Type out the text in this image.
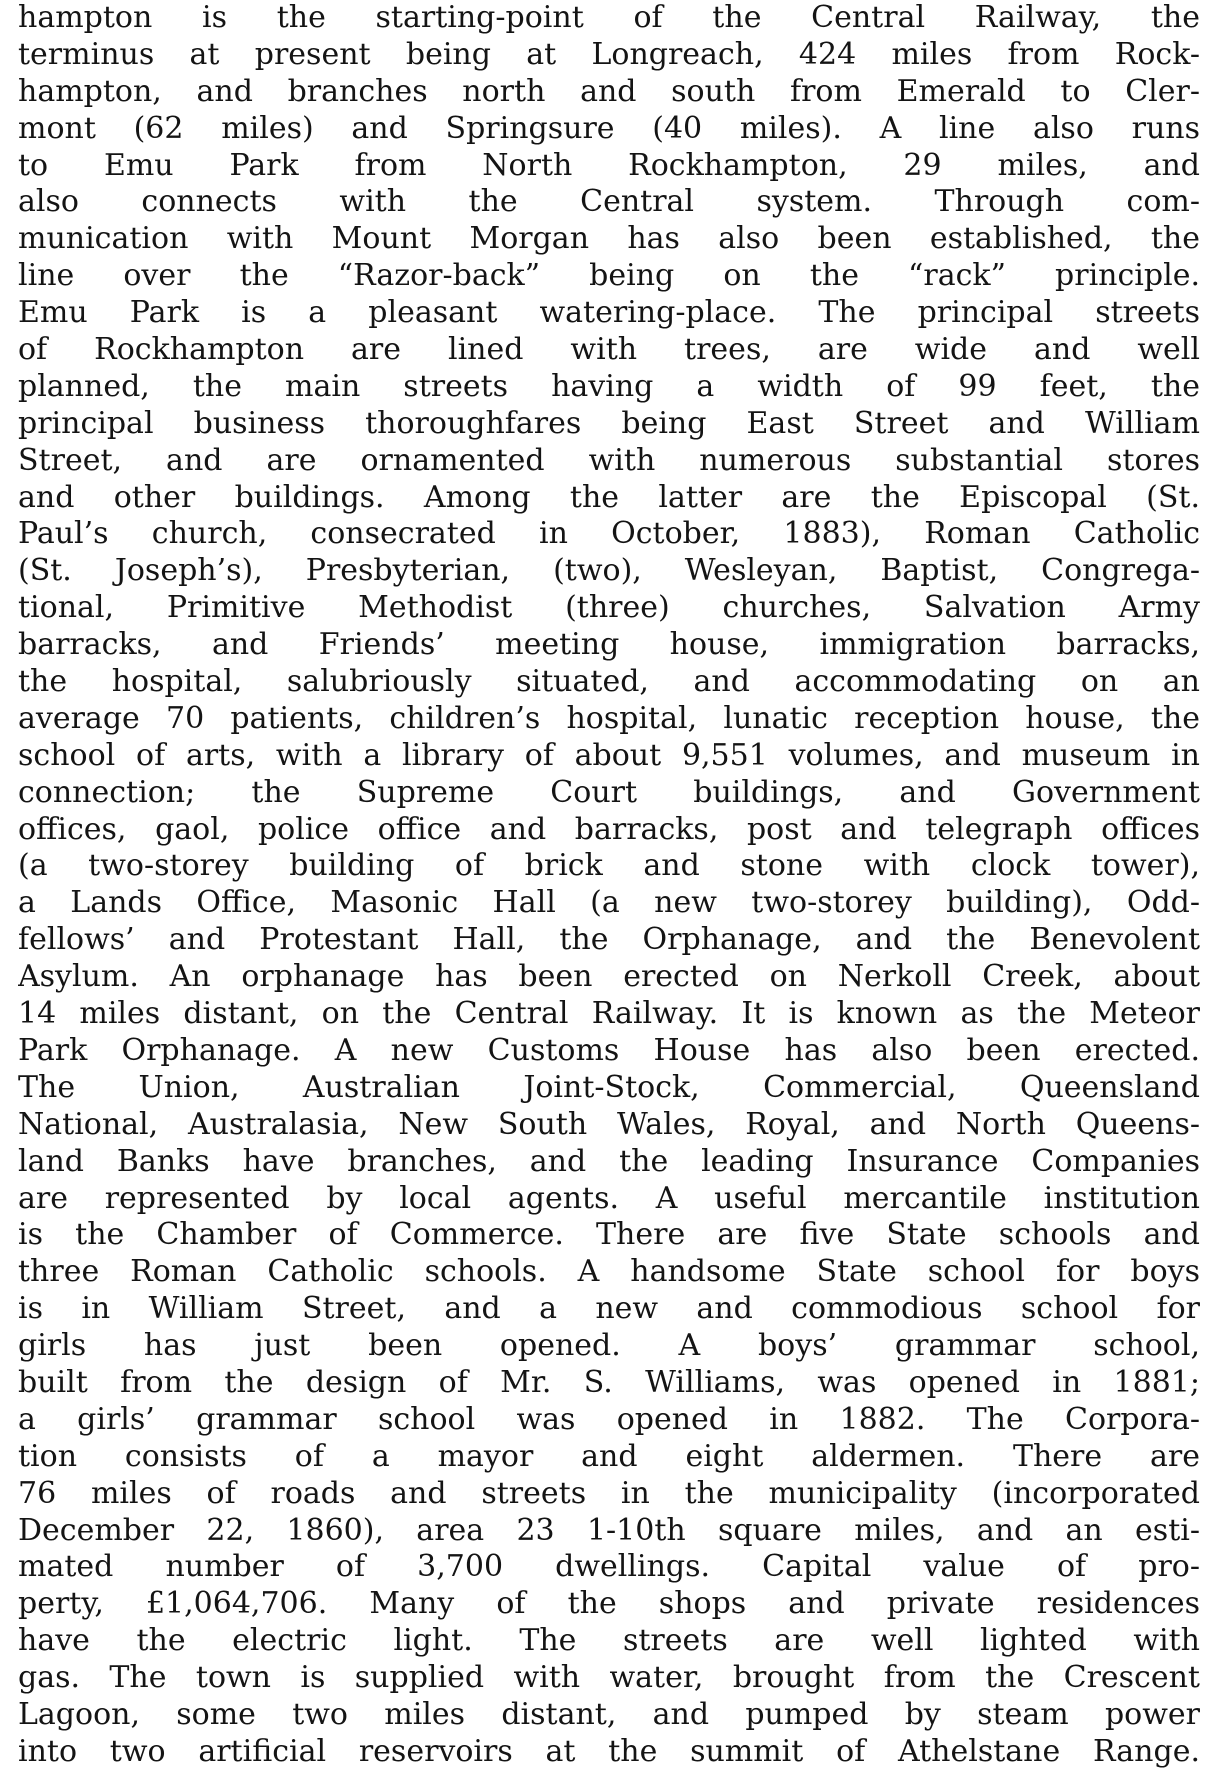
hampton is the starting-point of the Central Railway, the
terminus at present being at Longreach, 424 miles from Rock-
hampton, and branches north and south from Emerald to Cler-
mont (62 miles) and Springsure (40 miles). A line also runs
to Emu Park from North Rockhampton, 29 miles, and
also connects with the Central system. Through com-
munication with Mount Morgan has also been established, the
line over the “Razor-back” being on the “rack” principle.
Emu Park is a pleasant watering-place. The principal streets
of Rockhampton are lined with trees, are wide and well
planned, the main streets having a width of 99 feet, the
principal business thoroughfares being East Street and William
Street, and are ornamented with numerous substantial stores
and other buildings. Among the latter are the Episcopal (St.
Paul’s church, consecrated in October, 1883), Roman Catholic
(St. Joseph’s), Presbyterian, (two), Wesleyan, Baptist, Congrega-
tional, Primitive Methodist (three) churches, Salvation Army
barracks, and Friends’ meeting house, immigration barracks,
the hospital, salubriously situated, and accommodating on an
average 70 patients, children’s hospital, lunatic reception house, the
school of arts, with a library of about 9,551 volumes, and museum in
connection; the Supreme Court buildings, and Government
offices, gaol, police office and barracks, post and telegraph offices
(a two-storey building of brick and stone with clock tower),
a Lands Office, Masonic Hall (a new two-storey building), Odd-
fellows’ and Protestant Hall, the Orphanage, and the Benevolent
Asylum. An orphanage has been erected on Nerkoll Creek, about
14 miles distant, on the Central Railway. It is known as the Meteor
Park Orphanage. A new Customs House has also been erected.
The Union, Australian Joint-Stock, Commercial, Queensland
National, Australasia, New South Wales, Royal, and North Queens-
land Banks have branches, and the leading Insurance Companies
are represented by local agents. A useful mercantile institution
is the Chamber of Commerce. There are five State schools and
three Roman Catholic schools. A handsome State school for boys
is in William Street, and a new and commodious school for
girls has just been opened. A boys’ grammar school,
built from the design of Mr. S. Williams, was opened in 1881;
a girls’ grammar school was opened in 1882. The Corpora-
tion consists of a mayor and eight aldermen. There are
76 miles of roads and streets in the municipality (incorporated
December 22, 1860), area 23 1-10th square miles, and an esti-
mated number of 3,700 dwellings. Capital value of pro-
perty, £1,064,706. Many of the shops and private residences
have the electric light. The streets are well lighted with
gas. The town is supplied with water, brought from the Crescent
Lagoon, some two miles distant, and pumped by steam power
into two artificial reservoirs at the summit of Athelstane Range.
